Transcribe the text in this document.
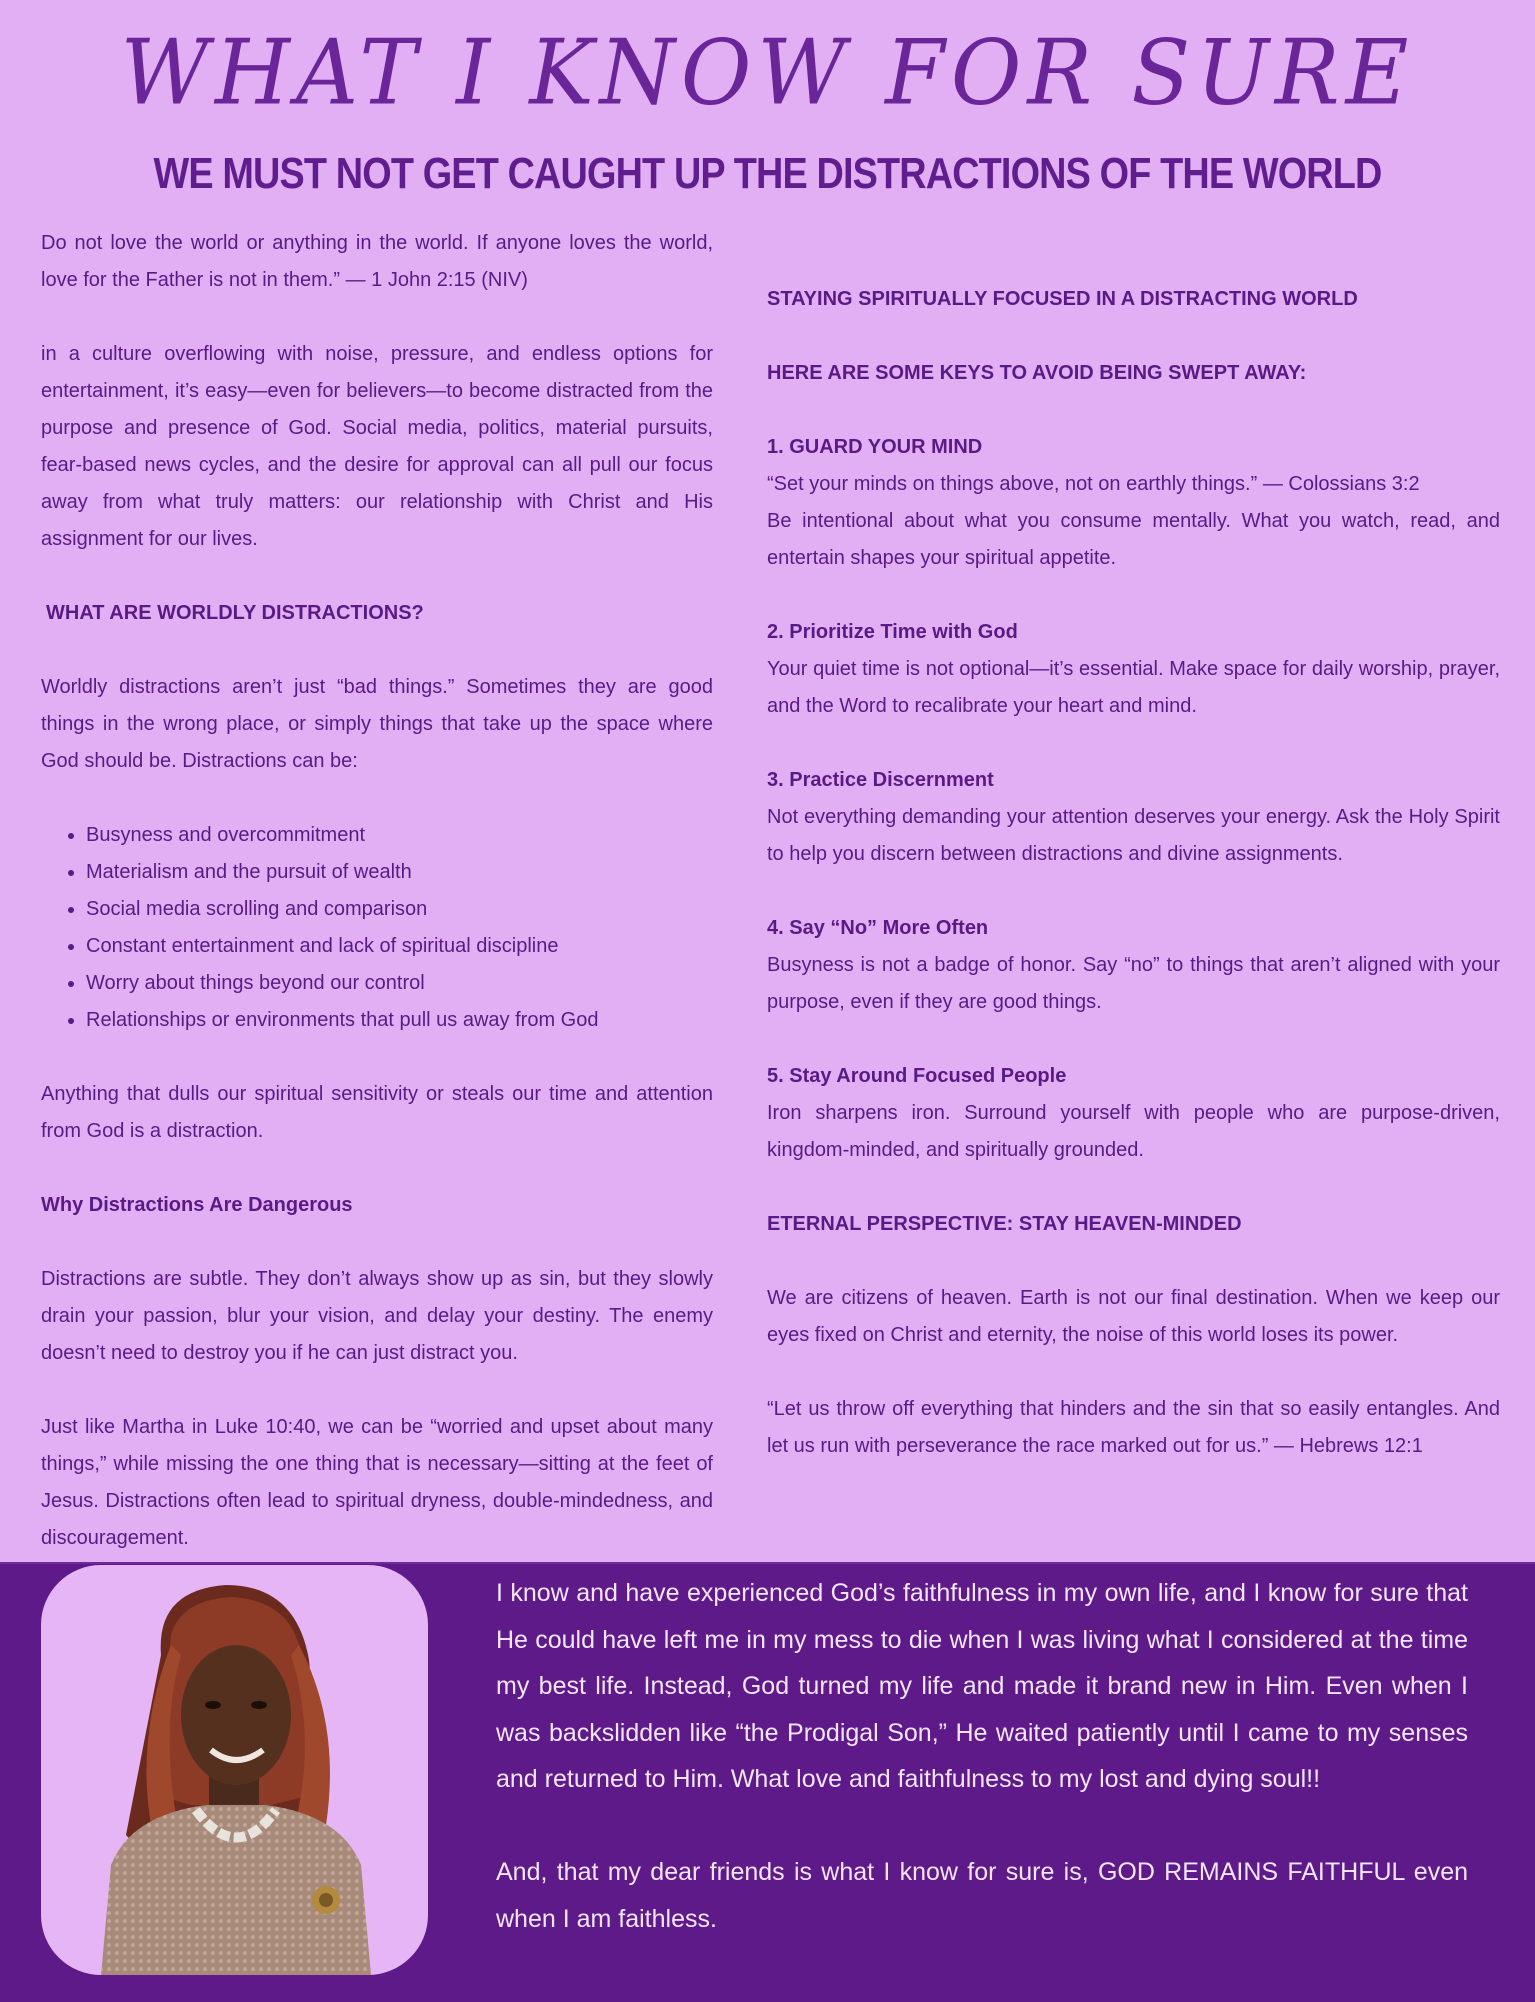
WHAT I KNOW FOR SURE
WE MUST NOT GET CAUGHT UP THE DISTRACTIONS OF THE WORLD

Do not love the world or anything in the world. If anyone loves the world, love for the Father is not in them.” — 1 John 2:15 (NIV)

in a culture overflowing with noise, pressure, and endless options for entertainment, it’s easy—even for believers—to become distracted from the purpose and presence of God. Social media, politics, material pursuits, fear-based news cycles, and the desire for approval can all pull our focus away from what truly matters: our relationship with Christ and His assignment for our lives.

WHAT ARE WORLDLY DISTRACTIONS?

Worldly distractions aren’t just “bad things.” Sometimes they are good things in the wrong place, or simply things that take up the space where God should be. Distractions can be:

• Busyness and overcommitment
• Materialism and the pursuit of wealth
• Social media scrolling and comparison
• Constant entertainment and lack of spiritual discipline
• Worry about things beyond our control
• Relationships or environments that pull us away from God

Anything that dulls our spiritual sensitivity or steals our time and attention from God is a distraction.

Why Distractions Are Dangerous

Distractions are subtle. They don’t always show up as sin, but they slowly drain your passion, blur your vision, and delay your destiny. The enemy doesn’t need to destroy you if he can just distract you.

Just like Martha in Luke 10:40, we can be “worried and upset about many things,” while missing the one thing that is necessary—sitting at the feet of Jesus. Distractions often lead to spiritual dryness, double-mindedness, and discouragement.

STAYING SPIRITUALLY FOCUSED IN A DISTRACTING WORLD

HERE ARE SOME KEYS TO AVOID BEING SWEPT AWAY:

1. GUARD YOUR MIND

“Set your minds on things above, not on earthly things.” — Colossians 3:2

Be intentional about what you consume mentally. What you watch, read, and entertain shapes your spiritual appetite.

2. Prioritize Time with God

Your quiet time is not optional—it’s essential. Make space for daily worship, prayer, and the Word to recalibrate your heart and mind.

3. Practice Discernment

Not everything demanding your attention deserves your energy. Ask the Holy Spirit to help you discern between distractions and divine assignments.

4. Say “No” More Often

Busyness is not a badge of honor. Say “no” to things that aren’t aligned with your purpose, even if they are good things.

5. Stay Around Focused People

Iron sharpens iron. Surround yourself with people who are purpose-driven, kingdom-minded, and spiritually grounded.

ETERNAL PERSPECTIVE: STAY HEAVEN-MINDED

We are citizens of heaven. Earth is not our final destination. When we keep our eyes fixed on Christ and eternity, the noise of this world loses its power.

“Let us throw off everything that hinders and the sin that so easily entangles. And let us run with perseverance the race marked out for us.” — Hebrews 12:1

I know and have experienced God’s faithfulness in my own life, and I know for sure that He could have left me in my mess to die when I was living what I considered at the time my best life. Instead, God turned my life and made it brand new in Him. Even when I was backslidden like “the Prodigal Son,” He waited patiently until I came to my senses and returned to Him. What love and faithfulness to my lost and dying soul!!

And, that my dear friends is what I know for sure is, GOD REMAINS FAITHFUL even when I am faithless.
